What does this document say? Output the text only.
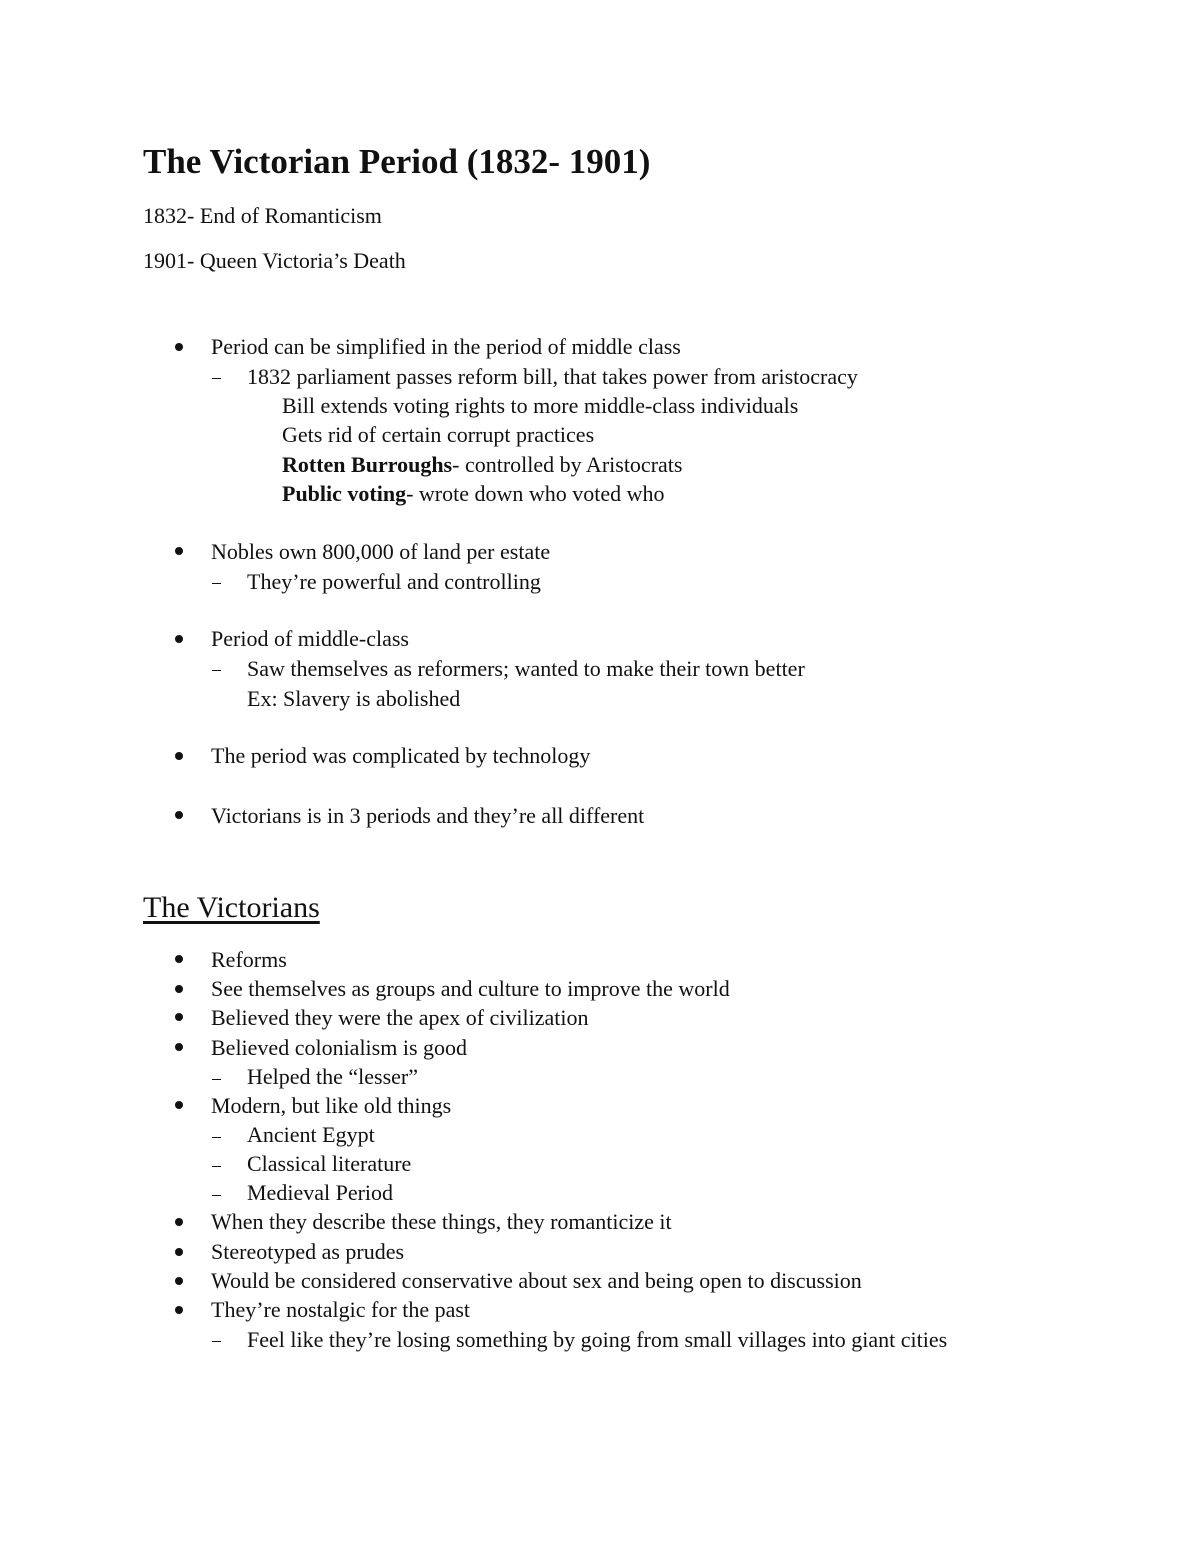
The Victorian Period (1832- 1901)
1832- End of Romanticism
1901- Queen Victoria’s Death
Period can be simplified in the period of middle class
1832 parliament passes reform bill, that takes power from aristocracy
Bill extends voting rights to more middle-class individuals
Gets rid of certain corrupt practices
Rotten Burroughs- controlled by Aristocrats
Public voting- wrote down who voted who
Nobles own 800,000 of land per estate
They’re powerful and controlling
Period of middle-class
Saw themselves as reformers; wanted to make their town better
Ex: Slavery is abolished
The period was complicated by technology
Victorians is in 3 periods and they’re all different
The Victorians
Reforms
See themselves as groups and culture to improve the world
Believed they were the apex of civilization
Believed colonialism is good
Helped the “lesser”
Modern, but like old things
Ancient Egypt
Classical literature
Medieval Period
When they describe these things, they romanticize it
Stereotyped as prudes
Would be considered conservative about sex and being open to discussion
They’re nostalgic for the past
Feel like they’re losing something by going from small villages into giant cities
